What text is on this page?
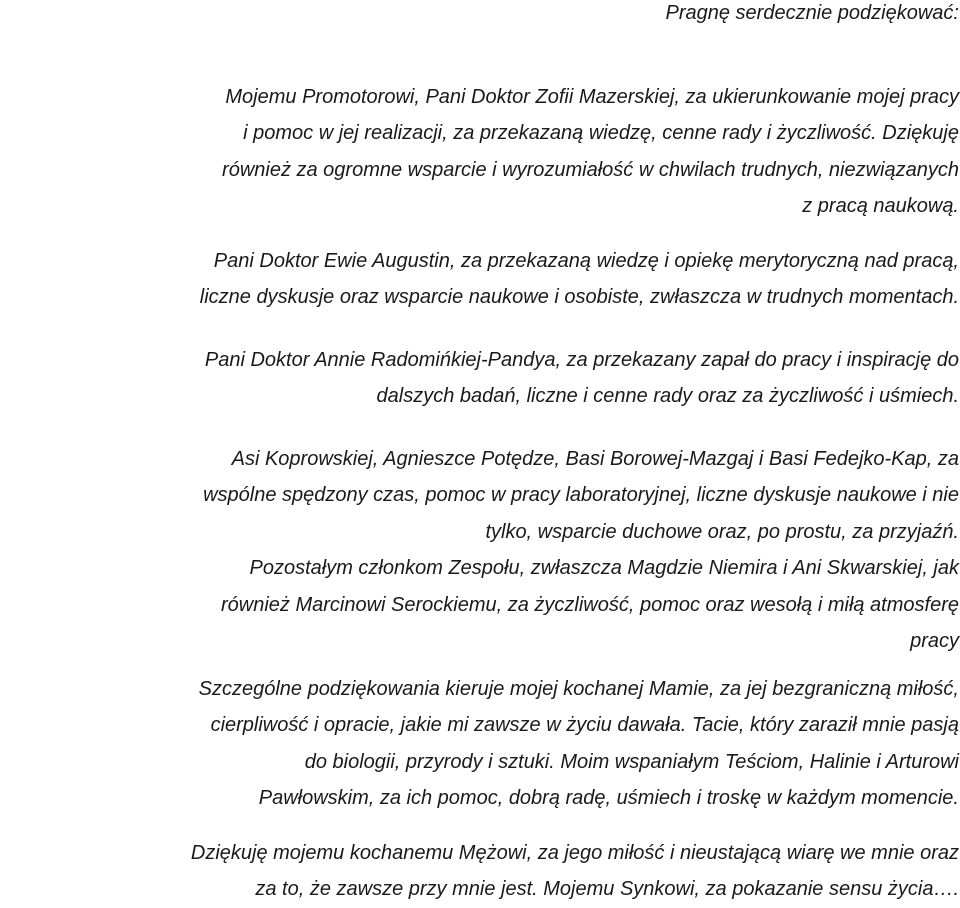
Pragnę serdecznie podziękować:
Mojemu Promotorowi, Pani Doktor Zofii Mazerskiej, za ukierunkowanie mojej pracy
i pomoc w jej realizacji, za przekazaną wiedzę, cenne rady i życzliwość. Dziękuję
również za ogromne wsparcie i wyrozumiałość w chwilach trudnych, niezwiązanych
z pracą naukową.
Pani Doktor Ewie Augustin, za przekazaną wiedzę i opiekę merytoryczną nad pracą,
liczne dyskusje oraz wsparcie naukowe i osobiste, zwłaszcza w trudnych momentach.
Pani Doktor Annie Radomińkiej-Pandya, za przekazany zapał do pracy i inspirację do
dalszych badań, liczne i cenne rady oraz za życzliwość i uśmiech.
Asi Koprowskiej, Agnieszce Potędze, Basi Borowej-Mazgaj i Basi Fedejko-Kap, za
wspólne spędzony czas, pomoc w pracy laboratoryjnej, liczne dyskusje naukowe i nie
tylko, wsparcie duchowe oraz, po prostu, za przyjaźń.
Pozostałym członkom Zespołu, zwłaszcza Magdzie Niemira i Ani Skwarskiej, jak
również Marcinowi Serockiemu, za życzliwość, pomoc oraz wesołą i miłą atmosferę
pracy
Szczególne podziękowania kieruje mojej kochanej Mamie, za jej bezgraniczną miłość,
cierpliwość i opracie, jakie mi zawsze w życiu dawała. Tacie, który zaraził mnie pasją
do biologii, przyrody i sztuki. Moim wspaniałym Teściom, Halinie i Arturowi
Pawłowskim, za ich pomoc, dobrą radę, uśmiech i troskę w każdym momencie.
Dziękuję mojemu kochanemu Mężowi, za jego miłość i nieustającą wiarę we mnie oraz
za to, że zawsze przy mnie jest. Mojemu Synkowi, za pokazanie sensu życia….
